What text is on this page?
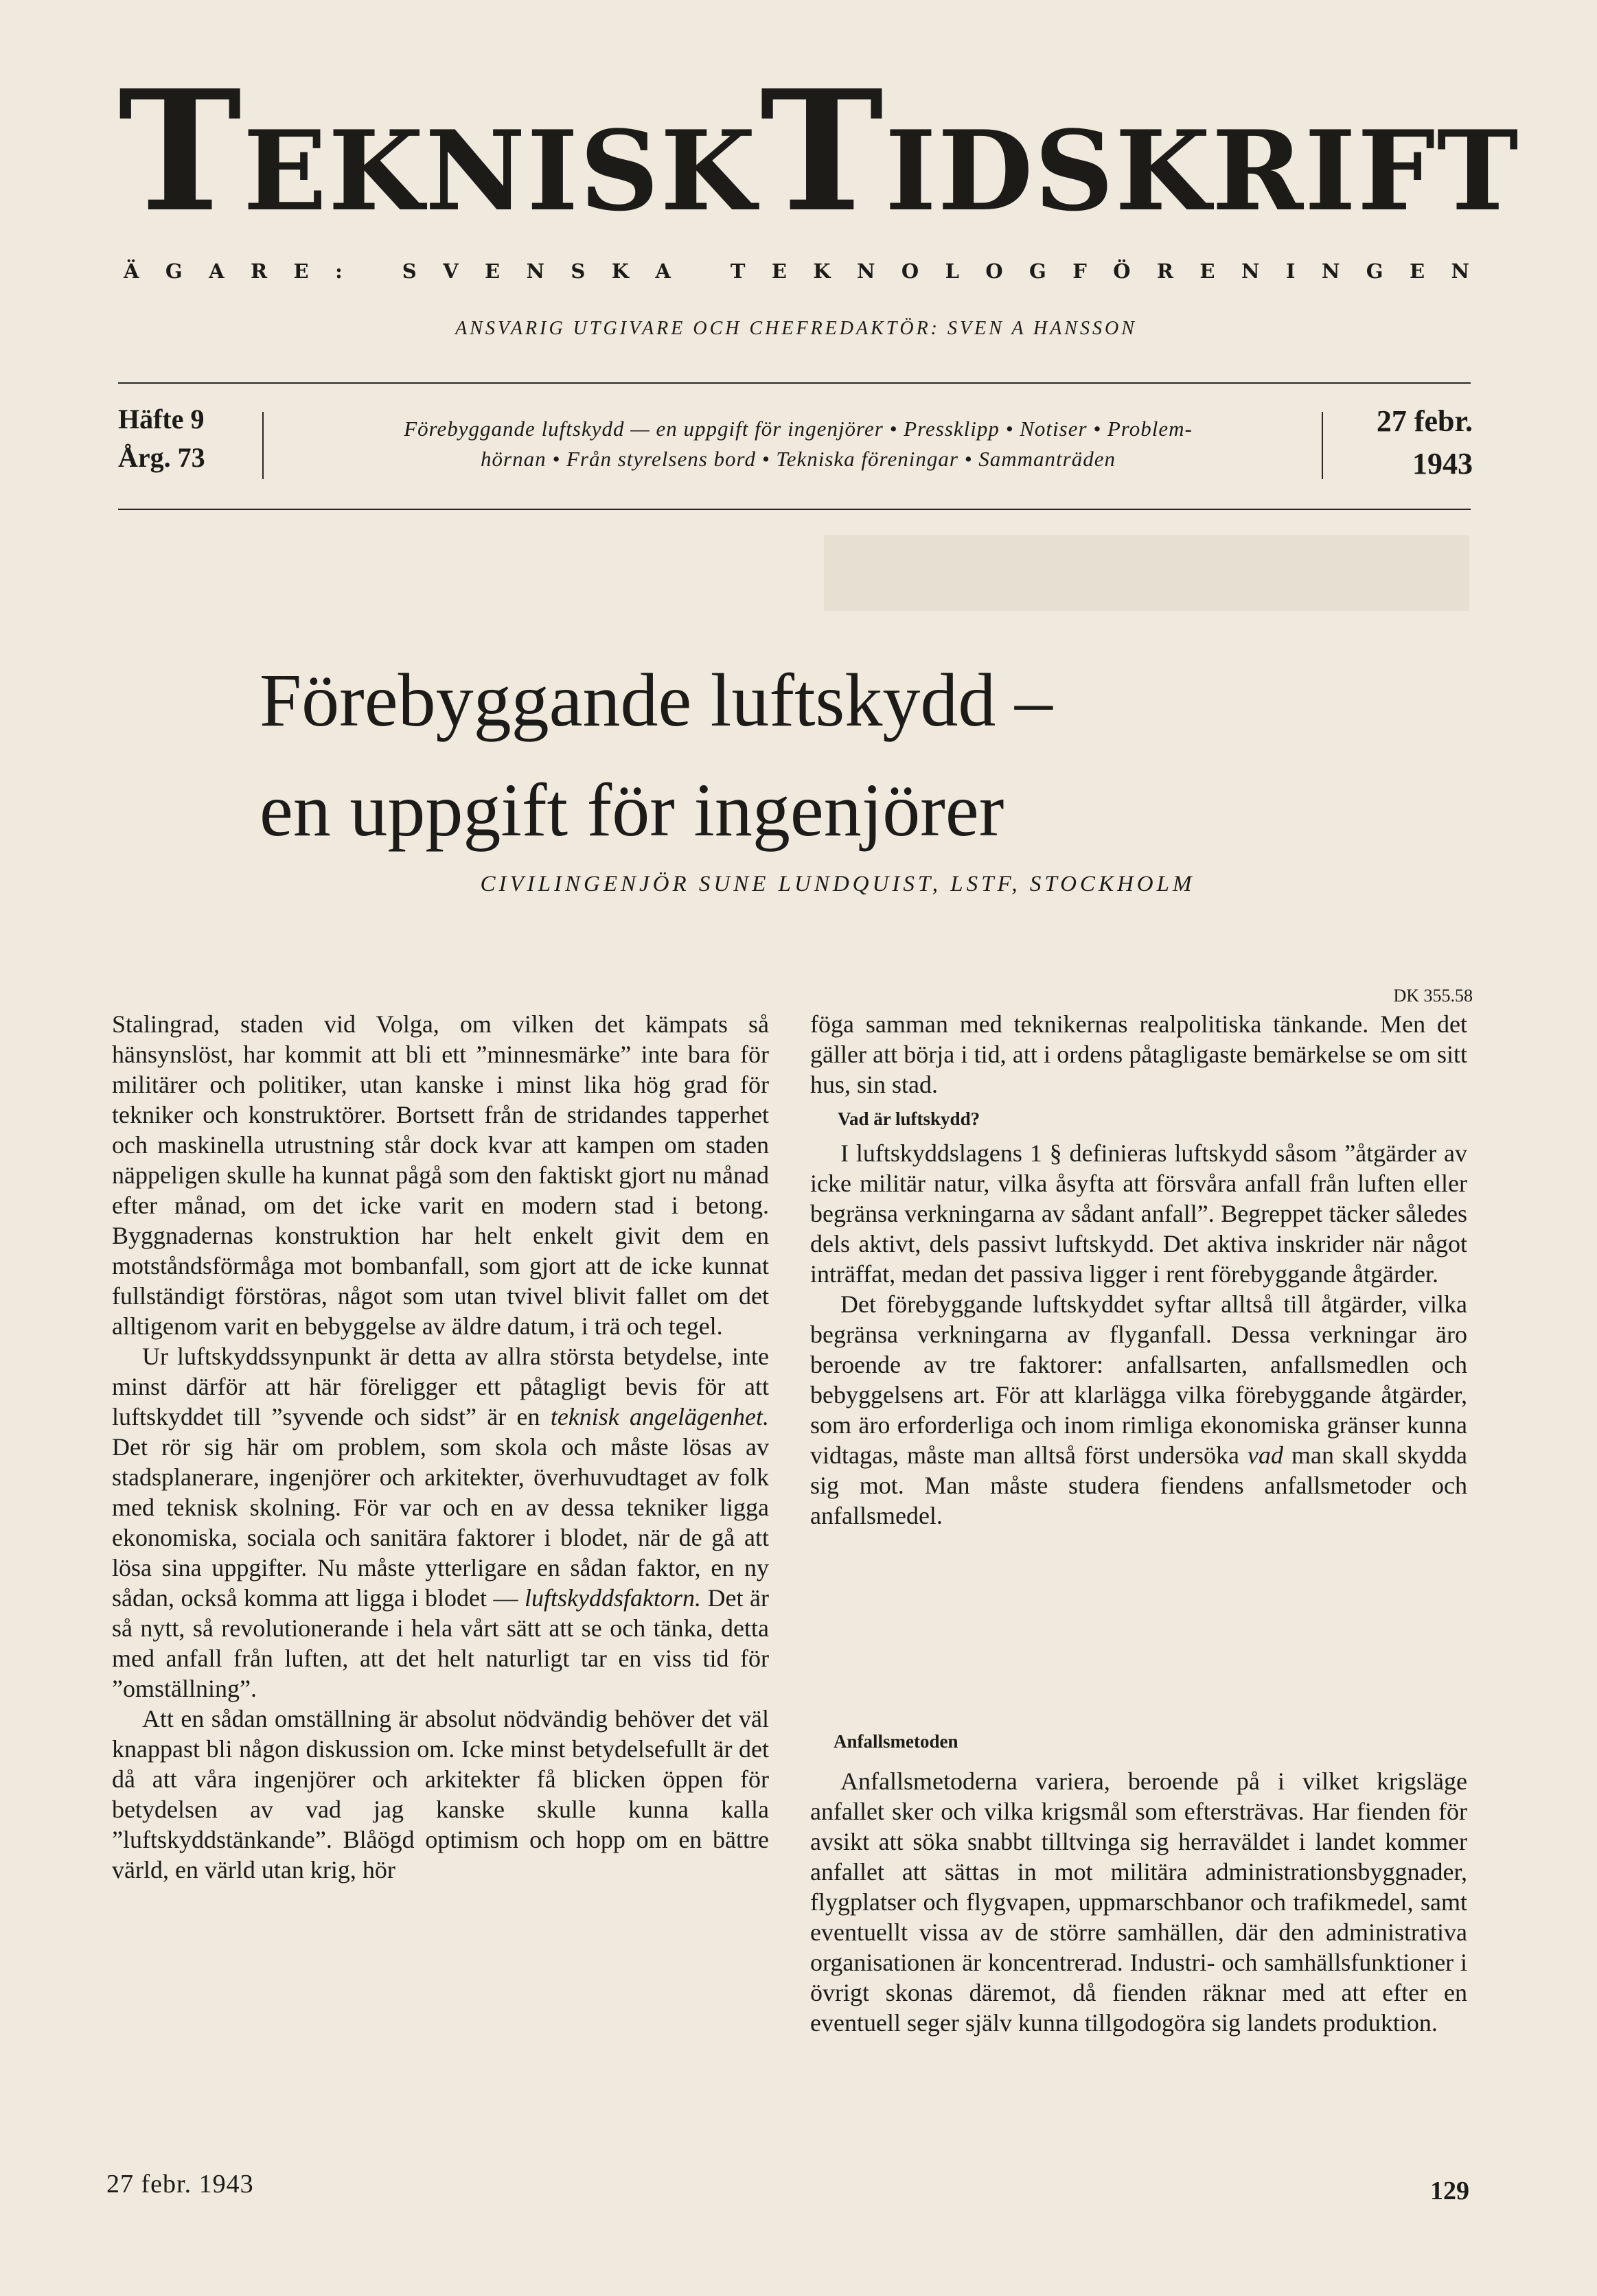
TEKNISKTIDSKRIFT
Ä G A R E :
	S V E N S K A
	T E K N O L O G F Ö R E N I N G E N
ANSVARIG UTGIVARE OCH CHEFREDAKTÖR: SVEN A HANSSON
Häfte 9
Årg. 73
Förebyggande luftskydd — en uppgift för ingenjörer • Pressklipp • Notiser • Problem-
hörnan • Från styrelsens bord • Tekniska föreningar • Sammanträden
27 febr.
1943
Förebyggande luftskydd –
en uppgift för ingenjörer
CIVILINGENJÖR SUNE LUNDQUIST, LSTF, STOCKHOLM
DK 355.58

Stalingrad, staden vid Volga, om vilken det kämpats så hänsynslöst, har kommit att bli ett ”minnesmärke” inte bara för militärer och politiker, utan kanske i minst lika hög grad för tekniker och konstruktörer. Bortsett från de stridandes tapperhet och maskinella utrustning står dock kvar att kampen om staden näppeligen skulle ha kunnat pågå som den faktiskt gjort nu månad efter månad, om det icke varit en modern stad i betong. Byggnadernas konstruktion har helt enkelt givit dem en motståndsförmåga mot bombanfall, som gjort att de icke kunnat fullständigt förstöras, något som utan tvivel blivit fallet om det alltigenom varit en bebyggelse av äldre datum, i trä och tegel.

Ur luftskyddssynpunkt är detta av allra största betydelse, inte minst därför att här föreligger ett påtagligt bevis för att luftskyddet till ”syvende och sidst” är en teknisk angelägenhet. Det rör sig här om problem, som skola och måste lösas av stadsplanerare, ingenjörer och arkitekter, överhuvudtaget av folk med teknisk skolning. För var och en av dessa tekniker ligga ekonomiska, sociala och sanitära faktorer i blodet, när de gå att lösa sina uppgifter. Nu måste ytterligare en sådan faktor, en ny sådan, också komma att ligga i blodet — luftskyddsfaktorn. Det är så nytt, så revolutionerande i hela vårt sätt att se och tänka, detta med anfall från luften, att det helt naturligt tar en viss tid för ”omställning”.

Att en sådan omställning är absolut nödvändig behöver det väl knappast bli någon diskussion om. Icke minst betydelsefullt är det då att våra ingenjörer och arkitekter få blicken öppen för betydelsen av vad jag kanske skulle kunna kalla ”luftskyddstänkande”. Blåögd optimism och hopp om en bättre värld, en värld utan krig, hör

föga samman med teknikernas realpolitiska tänkande. Men det gäller att börja i tid, att i ordens påtagligaste bemärkelse se om sitt hus, sin stad.

Vad är luftskydd?

I luftskyddslagens 1 § definieras luftskydd såsom ”åtgärder av icke militär natur, vilka åsyfta att försvåra anfall från luften eller begränsa verkningarna av sådant anfall”. Begreppet täcker således dels aktivt, dels passivt luftskydd. Det aktiva inskrider när något inträffat, medan det passiva ligger i rent förebyggande åtgärder.

Det förebyggande luftskyddet syftar alltså till åtgärder, vilka begränsa verkningarna av flyganfall. Dessa verkningar äro beroende av tre faktorer: anfallsarten, anfallsmedlen och bebyggelsens art. För att klarlägga vilka förebyggande åtgärder, som äro erforderliga och inom rimliga ekonomiska gränser kunna vidtagas, måste man alltså först undersöka vad man skall skydda sig mot. Man måste studera fiendens anfallsmetoder och anfallsmedel.

Anfallsmetoden

Anfallsmetoderna variera, beroende på i vilket krigsläge anfallet sker och vilka krigsmål som eftersträvas. Har fienden för avsikt att söka snabbt tilltvinga sig herraväldet i landet kommer anfallet att sättas in mot militära administrationsbyggnader, flygplatser och flygvapen, uppmarschbanor och trafikmedel, samt eventuellt vissa av de större samhällen, där den administrativa organisationen är koncentrerad. Industri- och samhällsfunktioner i övrigt skonas däremot, då fienden räknar med att efter en eventuell seger själv kunna tillgodogöra sig landets produktion.

27 febr. 1943	129
